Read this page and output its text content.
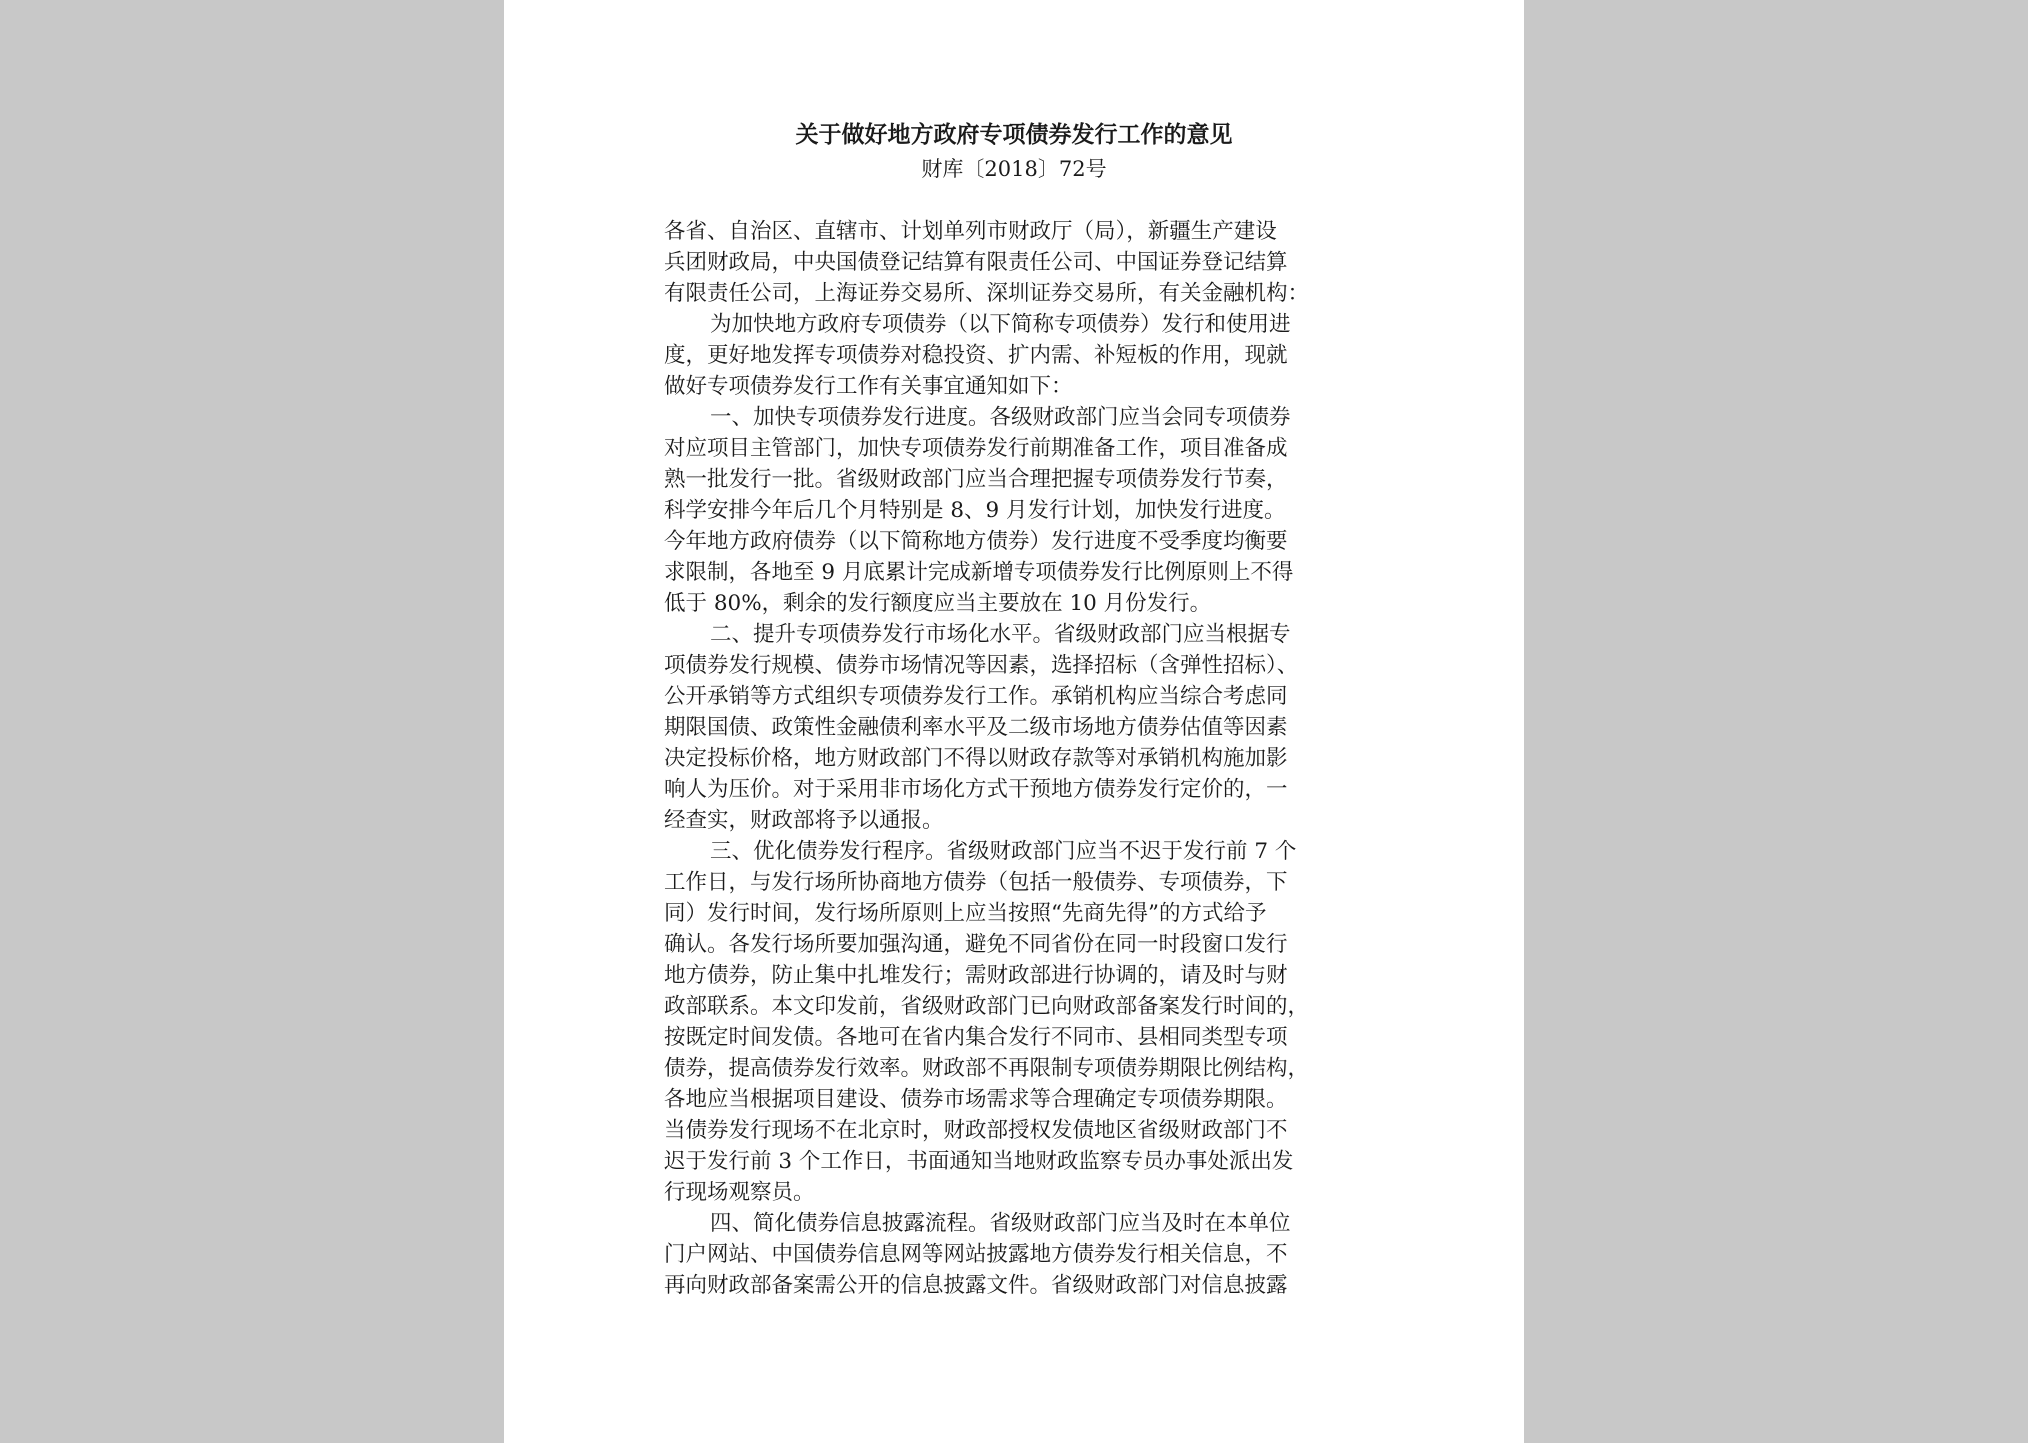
关于做好地方政府专项债券发行工作的意见
财库〔2018〕72号
各省、自治区、直辖市、计划单列市财政厅（局），新疆生产建设
兵团财政局，中央国债登记结算有限责任公司、中国证券登记结算
有限责任公司，上海证券交易所、深圳证券交易所，有关金融机构：
为加快地方政府专项债券（以下简称专项债券）发行和使用进
度，更好地发挥专项债券对稳投资、扩内需、补短板的作用，现就
做好专项债券发行工作有关事宜通知如下：
一、加快专项债券发行进度。各级财政部门应当会同专项债券
对应项目主管部门，加快专项债券发行前期准备工作，项目准备成
熟一批发行一批。省级财政部门应当合理把握专项债券发行节奏，
科学安排今年后几个月特别是 8、9 月发行计划，加快发行进度。
今年地方政府债券（以下简称地方债券）发行进度不受季度均衡要
求限制，各地至 9 月底累计完成新增专项债券发行比例原则上不得
低于 80%，剩余的发行额度应当主要放在 10 月份发行。
二、提升专项债券发行市场化水平。省级财政部门应当根据专
项债券发行规模、债券市场情况等因素，选择招标（含弹性招标）、
公开承销等方式组织专项债券发行工作。承销机构应当综合考虑同
期限国债、政策性金融债利率水平及二级市场地方债券估值等因素
决定投标价格，地方财政部门不得以财政存款等对承销机构施加影
响人为压价。对于采用非市场化方式干预地方债券发行定价的，一
经查实，财政部将予以通报。
三、优化债券发行程序。省级财政部门应当不迟于发行前 7 个
工作日，与发行场所协商地方债券（包括一般债券、专项债券，下
同）发行时间，发行场所原则上应当按照“先商先得”的方式给予
确认。各发行场所要加强沟通，避免不同省份在同一时段窗口发行
地方债券，防止集中扎堆发行；需财政部进行协调的，请及时与财
政部联系。本文印发前，省级财政部门已向财政部备案发行时间的，
按既定时间发债。各地可在省内集合发行不同市、县相同类型专项
债券，提高债券发行效率。财政部不再限制专项债券期限比例结构，
各地应当根据项目建设、债券市场需求等合理确定专项债券期限。
当债券发行现场不在北京时，财政部授权发债地区省级财政部门不
迟于发行前 3 个工作日，书面通知当地财政监察专员办事处派出发
行现场观察员。
四、简化债券信息披露流程。省级财政部门应当及时在本单位
门户网站、中国债券信息网等网站披露地方债券发行相关信息，不
再向财政部备案需公开的信息披露文件。省级财政部门对信息披露
